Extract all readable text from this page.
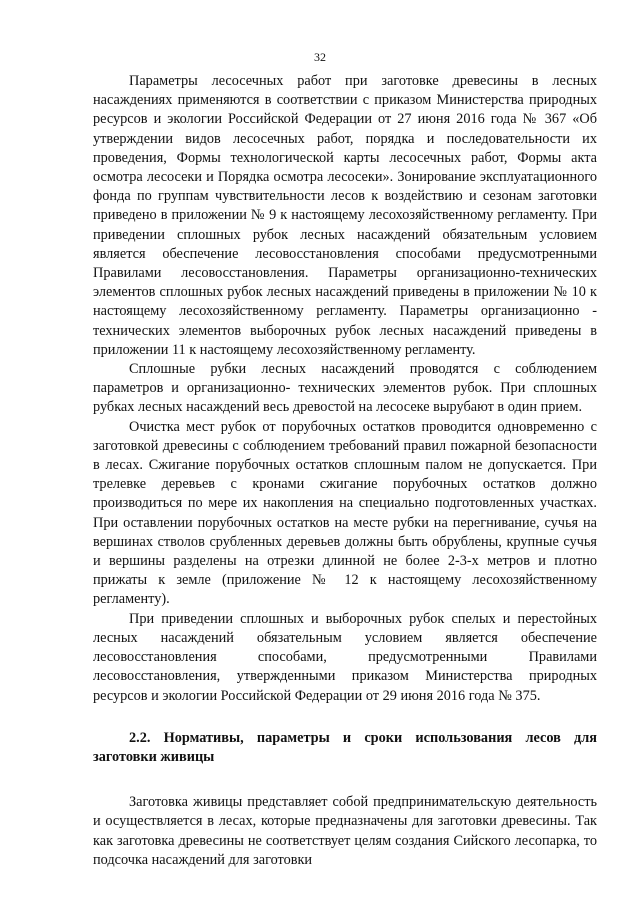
32

Параметры лесосечных работ при заготовке древесины в лесных насаждениях применяются в соответствии с приказом Министерства природных ресурсов и экологии Российской Федерации от 27 июня 2016 года № 367 «Об утверждении видов лесосечных работ, порядка и последовательности их проведения, Формы технологической карты лесосечных работ, Формы акта осмотра лесосеки и Порядка осмотра лесосеки». Зонирование эксплуатационного фонда по группам чувствительности лесов к воздействию и сезонам заготовки приведено в приложении № 9 к настоящему лесохозяйственному регламенту. При приведении сплошных рубок лесных насаждений обязательным условием является обеспечение лесовосстановления способами предусмотренными Правилами лесовосстановления. Параметры организационно-технических элементов сплошных рубок лесных насаждений приведены в приложении № 10 к настоящему лесохозяйственному регламенту. Параметры организационно - технических элементов выборочных рубок лесных насаждений приведены в приложении 11 к настоящему лесохозяйственному регламенту.

Сплошные рубки лесных насаждений проводятся с соблюдением параметров и организационно- технических элементов рубок. При сплошных рубках лесных насаждений весь древостой на лесосеке вырубают в один прием.

Очистка мест рубок от порубочных остатков проводится одновременно с заготовкой древесины с соблюдением требований правил пожарной безопасности в лесах. Сжигание порубочных остатков сплошным палом не допускается. При трелевке деревьев с кронами сжигание порубочных остатков должно производиться по мере их накопления на специально подготовленных участках. При оставлении порубочных остатков на месте рубки на перегнивание, сучья на вершинах стволов срубленных деревьев должны быть обрублены, крупные сучья и вершины разделены на отрезки длинной не более 2-3-х метров и плотно прижаты к земле (приложение № 12 к настоящему лесохозяйственному регламенту).

При приведении сплошных и выборочных рубок спелых и перестойных лесных насаждений обязательным условием является обеспечение лесовосстановления способами, предусмотренными Правилами лесовосстановления, утвержденными приказом Министерства природных ресурсов и экологии Российской Федерации от 29 июня 2016 года № 375.

2.2. Нормативы, параметры и сроки использования лесов для заготовки живицы

Заготовка живицы представляет собой предпринимательскую деятельность и осуществляется в лесах, которые предназначены для заготовки древесины. Так как заготовка древесины не соответствует целям создания Сийского лесопарка, то подсочка насаждений для заготовки
